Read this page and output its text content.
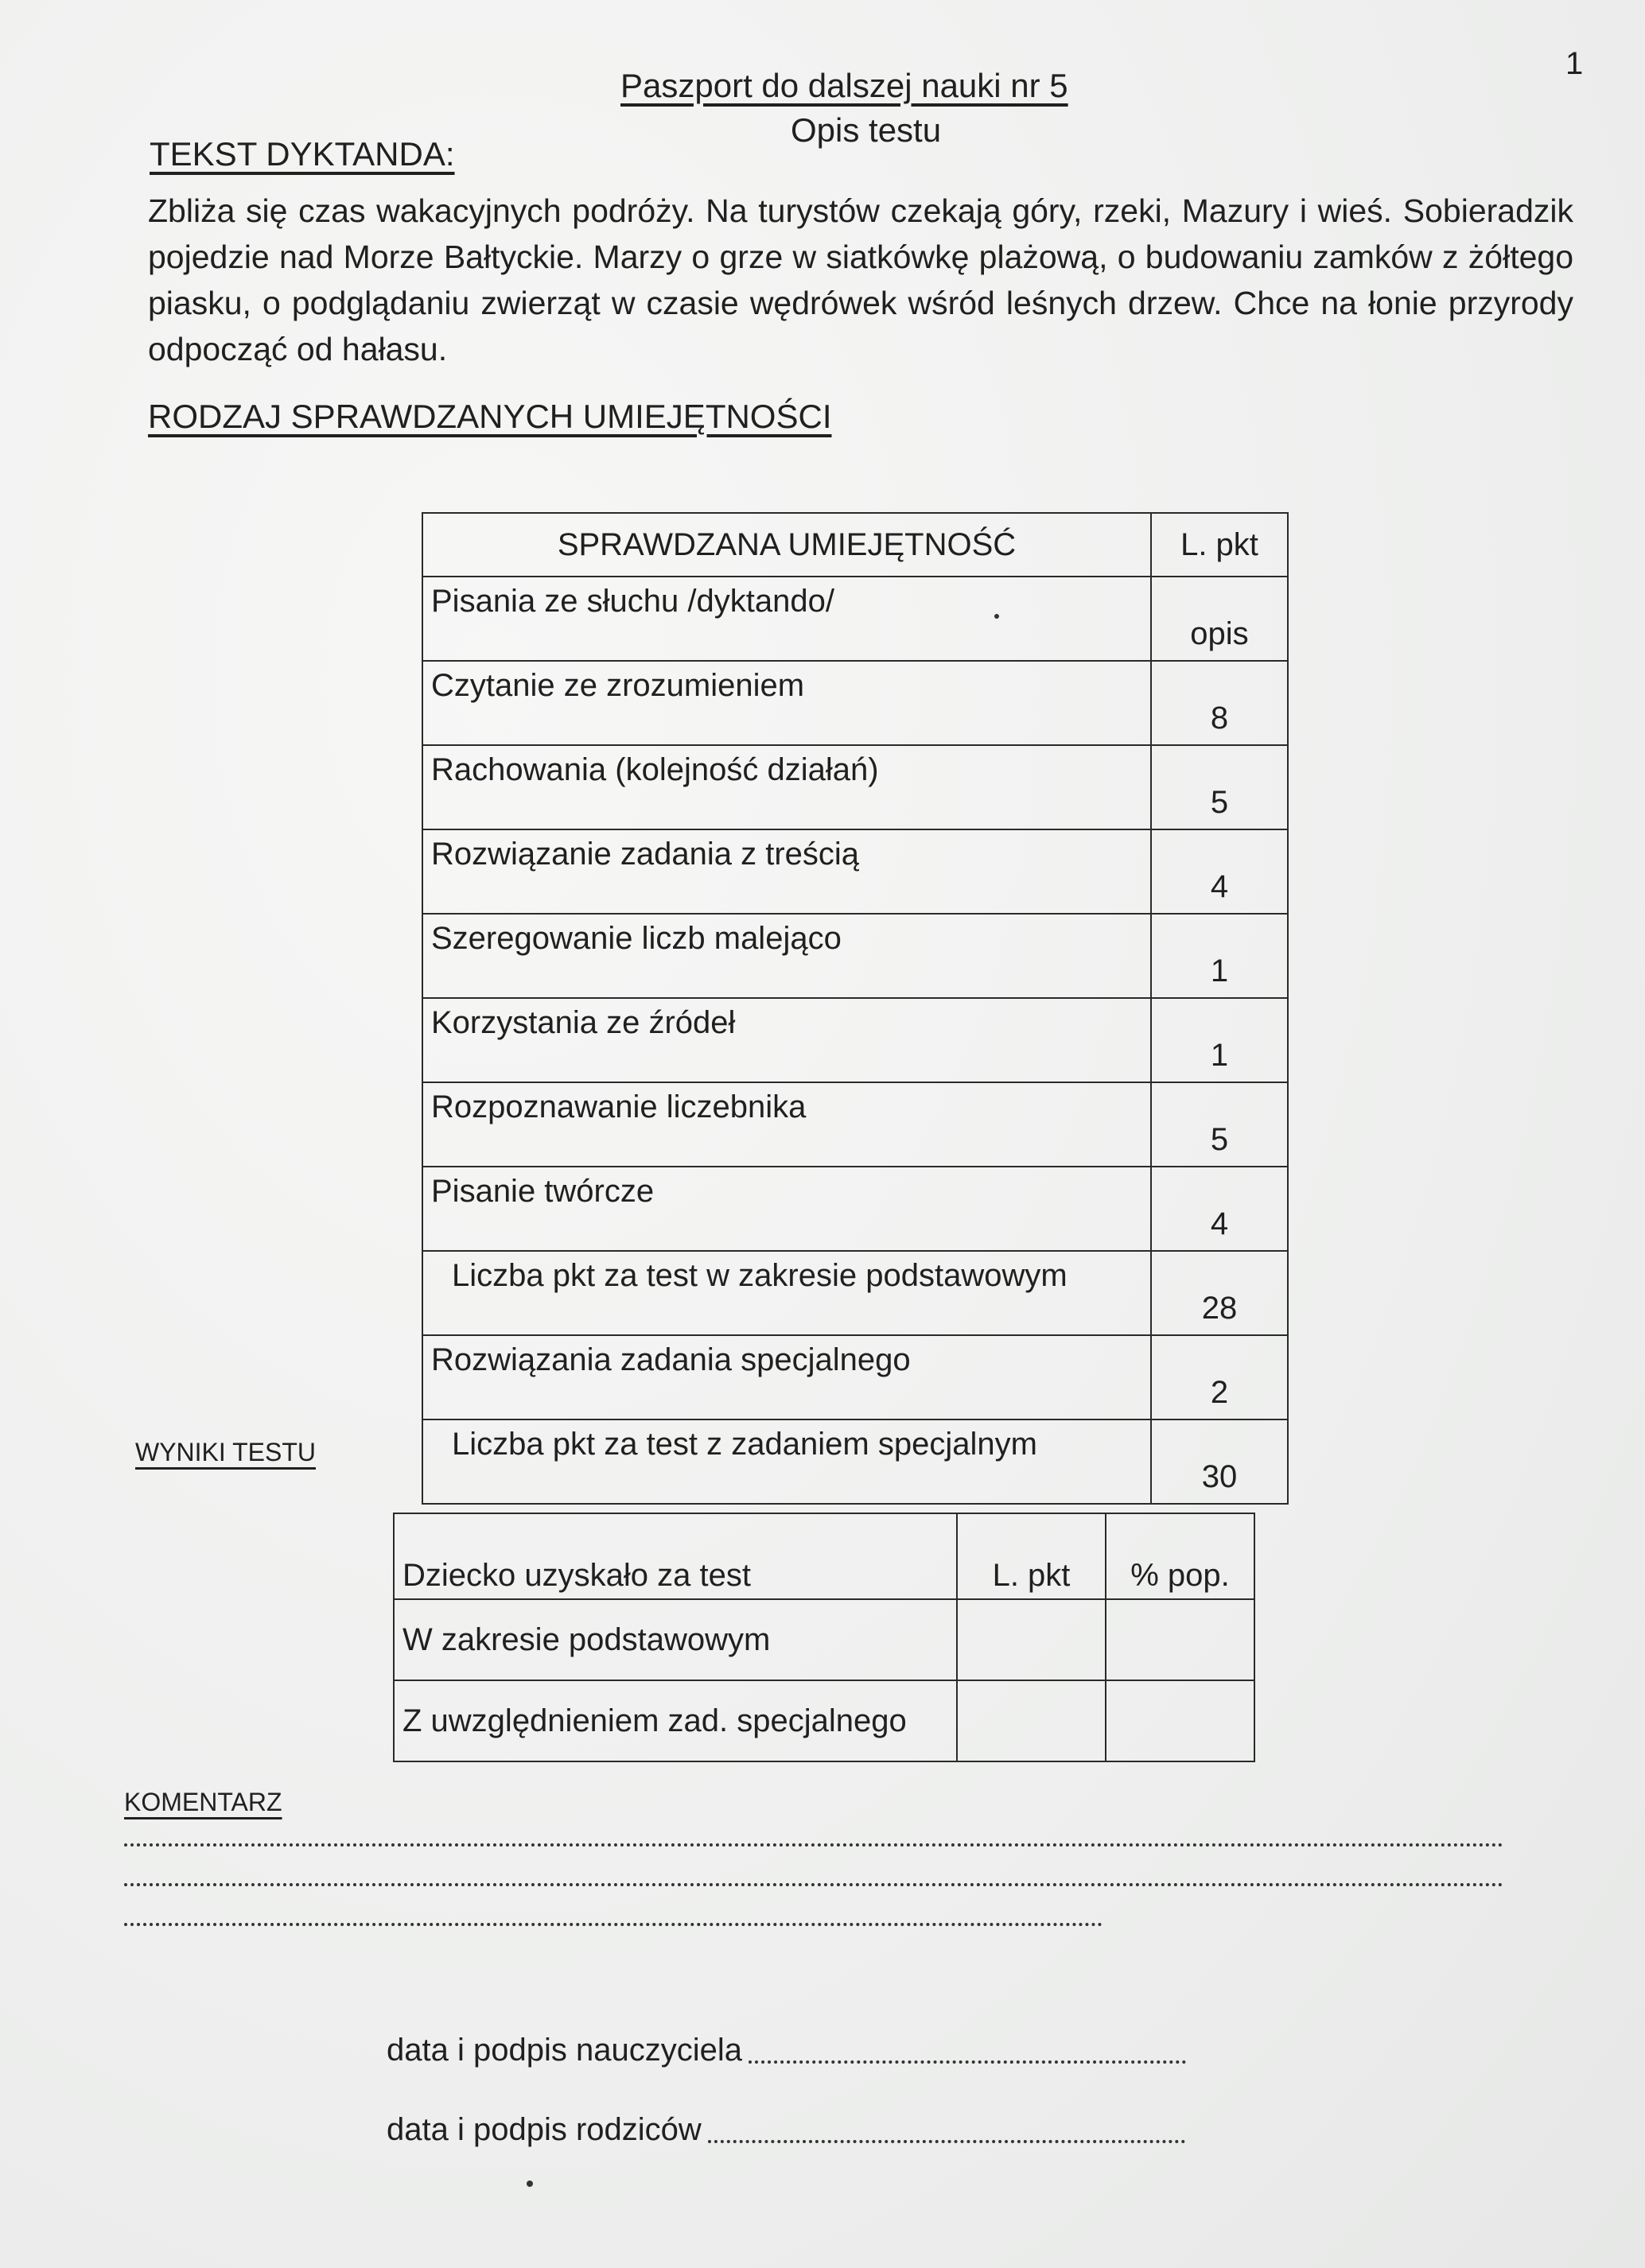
1
Paszport do dalszej nauki nr 5
Opis testu
TEKST DYKTANDA:

Zbliża się czas wakacyjnych podróży. Na turystów czekają góry, rzeki, Mazury i wieś. Sobieradzik pojedzie nad Morze Bałtyckie. Marzy o grze w siatkówkę plażową, o budowaniu zamków z żółtego piasku, o podglądaniu zwierząt w czasie wędrówek wśród leśnych drzew. Chce na łonie przyrody odpocząć od hałasu.

RODZAJ SPRAWDZANYCH UMIEJĘTNOŚCI
SPRAWDZANA UMIEJĘTNOŚĆ	L. pkt
Pisania ze słuchu /dyktando/	opis
Czytanie ze zrozumieniem	8
Rachowania (kolejność działań)	5
Rozwiązanie zadania z treścią	4
Szeregowanie liczb malejąco	1
Korzystania ze źródeł	1
Rozpoznawanie liczebnika	5
Pisanie twórcze	4
Liczba pkt za test w zakresie podstawowym	28
Rozwiązania zadania specjalnego	2
Liczba pkt za test z zadaniem specjalnym	30
WYNIKI TESTU
Dziecko uzyskało za test	L. pkt	% pop.
W zakresie podstawowym		
Z uwzględnieniem zad. specjalnego		
KOMENTARZ
data i podpis nauczyciela
data i podpis rodziców
